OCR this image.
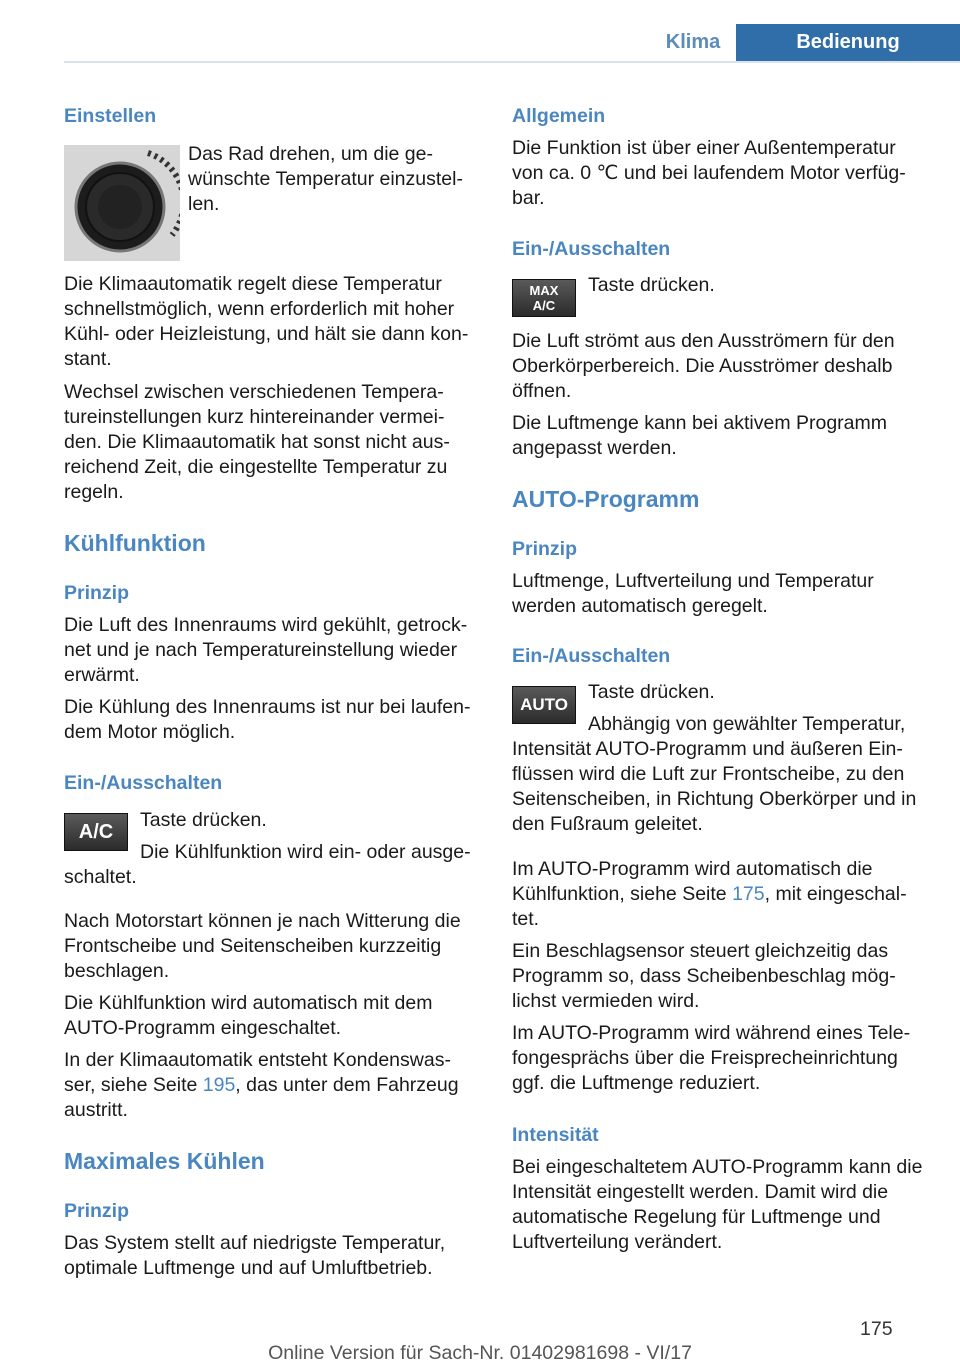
Klima	Bedienung

Einstellen

Das Rad drehen, um die ge‐ wünschte Temperatur einzustel‐ len.

Die Klimaautomatik regelt diese Temperatur schnellstmöglich, wenn erforderlich mit hoher Kühl- oder Heizleistung, und hält sie dann kon‐ stant.

Wechsel zwischen verschiedenen Tempera‐ tureinstellungen kurz hintereinander vermei‐ den. Die Klimaautomatik hat sonst nicht aus‐ reichend Zeit, die eingestellte Temperatur zu regeln.

Kühlfunktion

Prinzip

Die Luft des Innenraums wird gekühlt, getrock‐ net und je nach Temperatureinstellung wieder erwärmt.

Die Kühlung des Innenraums ist nur bei laufen‐ dem Motor möglich.

Ein-/Ausschalten

A/C

Taste drücken.

Die Kühlfunktion wird ein- oder ausge‐ schaltet.

Nach Motorstart können je nach Witterung die Frontscheibe und Seitenscheiben kurzzeitig beschlagen.

Die Kühlfunktion wird automatisch mit dem AUTO-Programm eingeschaltet.

In der Klimaautomatik entsteht Kondenswas‐ ser, siehe Seite 195, das unter dem Fahrzeug austritt.

Maximales Kühlen

Prinzip

Das System stellt auf niedrigste Temperatur, optimale Luftmenge und auf Umluftbetrieb.

Allgemein

Die Funktion ist über einer Außentemperatur von ca. 0 ℃ und bei laufendem Motor verfüg‐ bar.

Ein-/Ausschalten

MAX
A/C

Taste drücken.

Die Luft strömt aus den Ausströmern für den Oberkörperbereich. Die Ausströmer deshalb öffnen.

Die Luftmenge kann bei aktivem Programm angepasst werden.

AUTO-Programm

Prinzip

Luftmenge, Luftverteilung und Temperatur werden automatisch geregelt.

Ein-/Ausschalten

AUTO

Taste drücken.

Abhängig von gewählter Temperatur, Intensität AUTO-Programm und äußeren Ein‐ flüssen wird die Luft zur Frontscheibe, zu den Seitenscheiben, in Richtung Oberkörper und in den Fußraum geleitet.

Im AUTO-Programm wird automatisch die Kühlfunktion, siehe Seite 175, mit eingeschal‐ tet.

Ein Beschlagsensor steuert gleichzeitig das Programm so, dass Scheibenbeschlag mög‐ lichst vermieden wird.

Im AUTO-Programm wird während eines Tele‐ fongesprächs über die Freisprecheinrichtung ggf. die Luftmenge reduziert.

Intensität

Bei eingeschaltetem AUTO-Programm kann die Intensität eingestellt werden. Damit wird die automatische Regelung für Luftmenge und Luftverteilung verändert.

175
Online Version für Sach-Nr. 01402981698 - VI/17
